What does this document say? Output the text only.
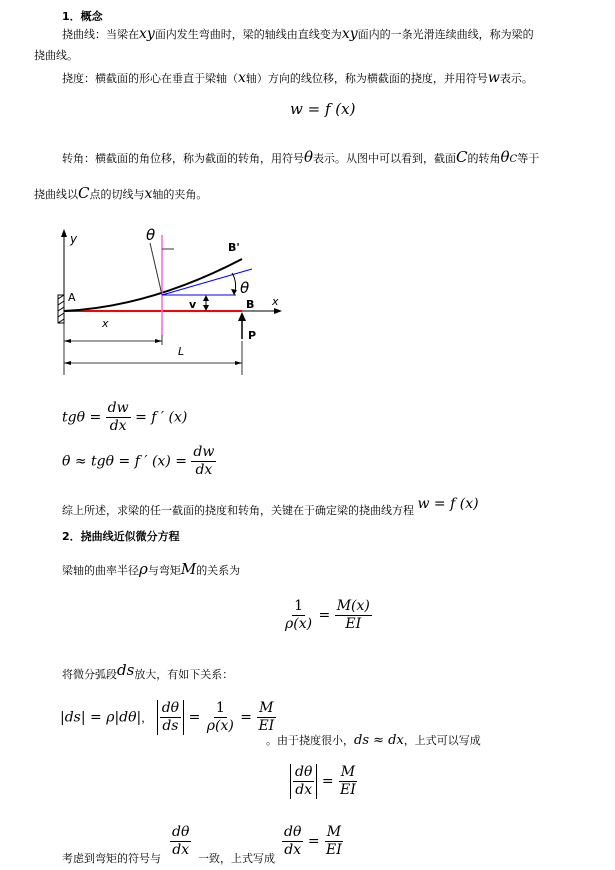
1．概念
挠曲线：当梁在xy面内发生弯曲时，梁的轴线由直线变为xy面内的一条光滑连续曲线，称为梁的
挠曲线。
挠度：横截面的形心在垂直于梁轴（x轴）方向的线位移，称为横截面的挠度，并用符号w表示。
w = f (x)
转角：横截面的角位移，称为截面的转角，用符号θ表示。从图中可以看到，截面C的转角θC等于
挠曲线以C点的切线与x轴的夹角。
y
x
θ
v
θ
B'
A
B
P
x
L
$tg\theta = \frac{dw}{dx} = f$ ′ (x)
θ ≈ tgθ = f ′ $(x) = \frac{dw}{dx}$
综上所述，求梁的任一截面的挠度和转角，关键在于确定梁的挠曲线方程 w = f (x)
2．挠曲线近似微分方程
梁轴的曲率半径ρ与弯矩M的关系为
$\frac{1}{\rho(x)} = \frac{M(x)}{EI}$
将微分弧段ds放大，有如下关系：
|ds| = ρ|dθ|， $\frac{d\theta}{ds} = \frac{1}{\rho(x)} = \frac{M}{EI}$
。由于挠度很小，ds ≈ dx，上式可以写成
$\frac{d\theta}{dx} = \frac{M}{EI}$
考虑到弯矩的符号与 $\frac{d\theta}{dx}$ 一致，上式写成 $\frac{d\theta}{dx} = \frac{M}{EI}$
